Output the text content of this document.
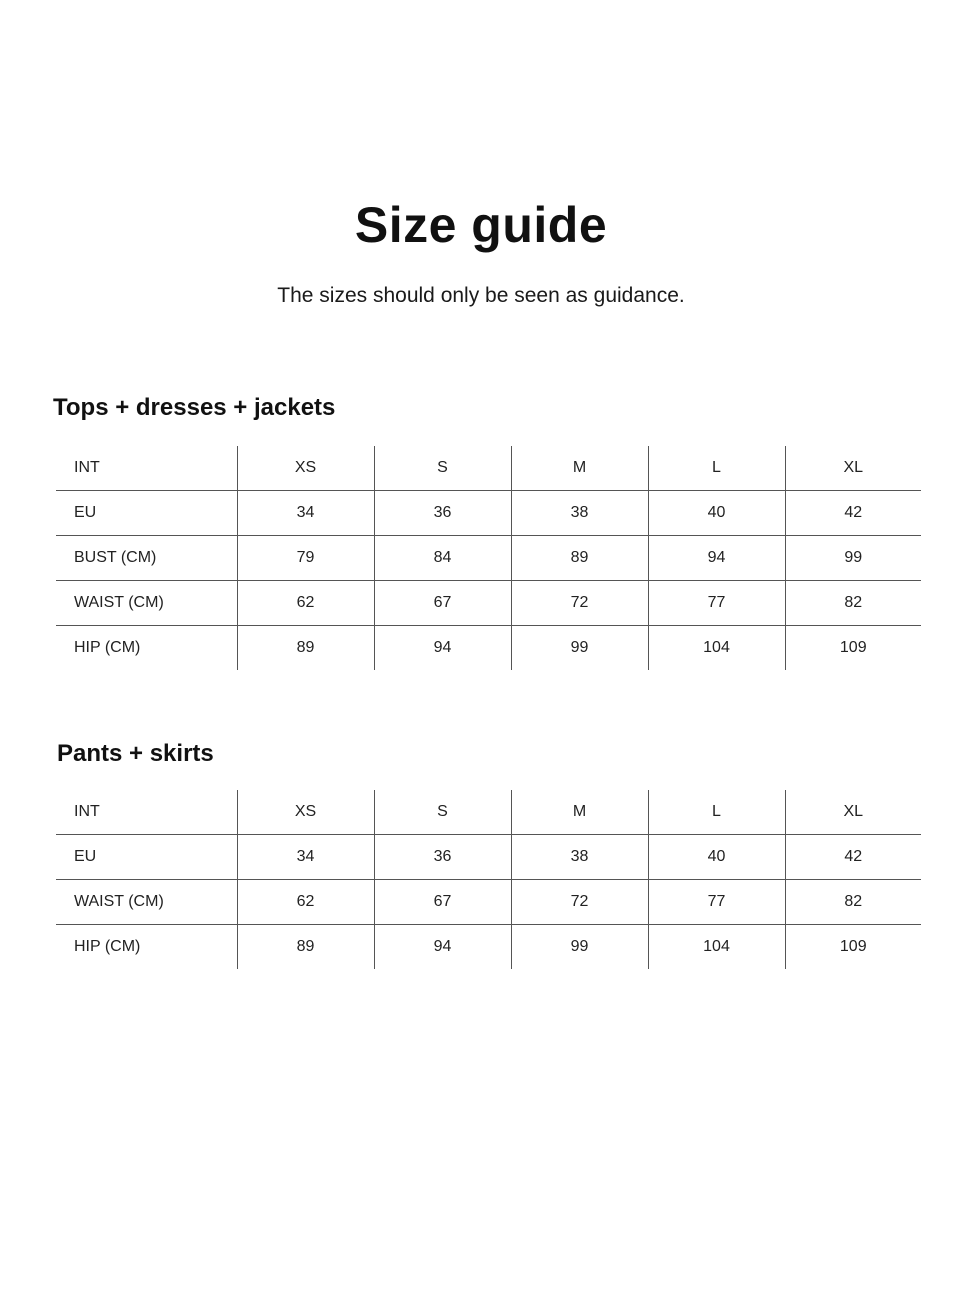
Size guide

The sizes should only be seen as guidance.

Tops + dresses + jackets
INT	XS	S	M	L	XL
EU	34	36	38	40	42
BUST (CM)	79	84	89	94	99
WAIST (CM)	62	67	72	77	82
HIP (CM)	89	94	99	104	109
Pants + skirts
INT	XS	S	M	L	XL
EU	34	36	38	40	42
WAIST (CM)	62	67	72	77	82
HIP (CM)	89	94	99	104	109
